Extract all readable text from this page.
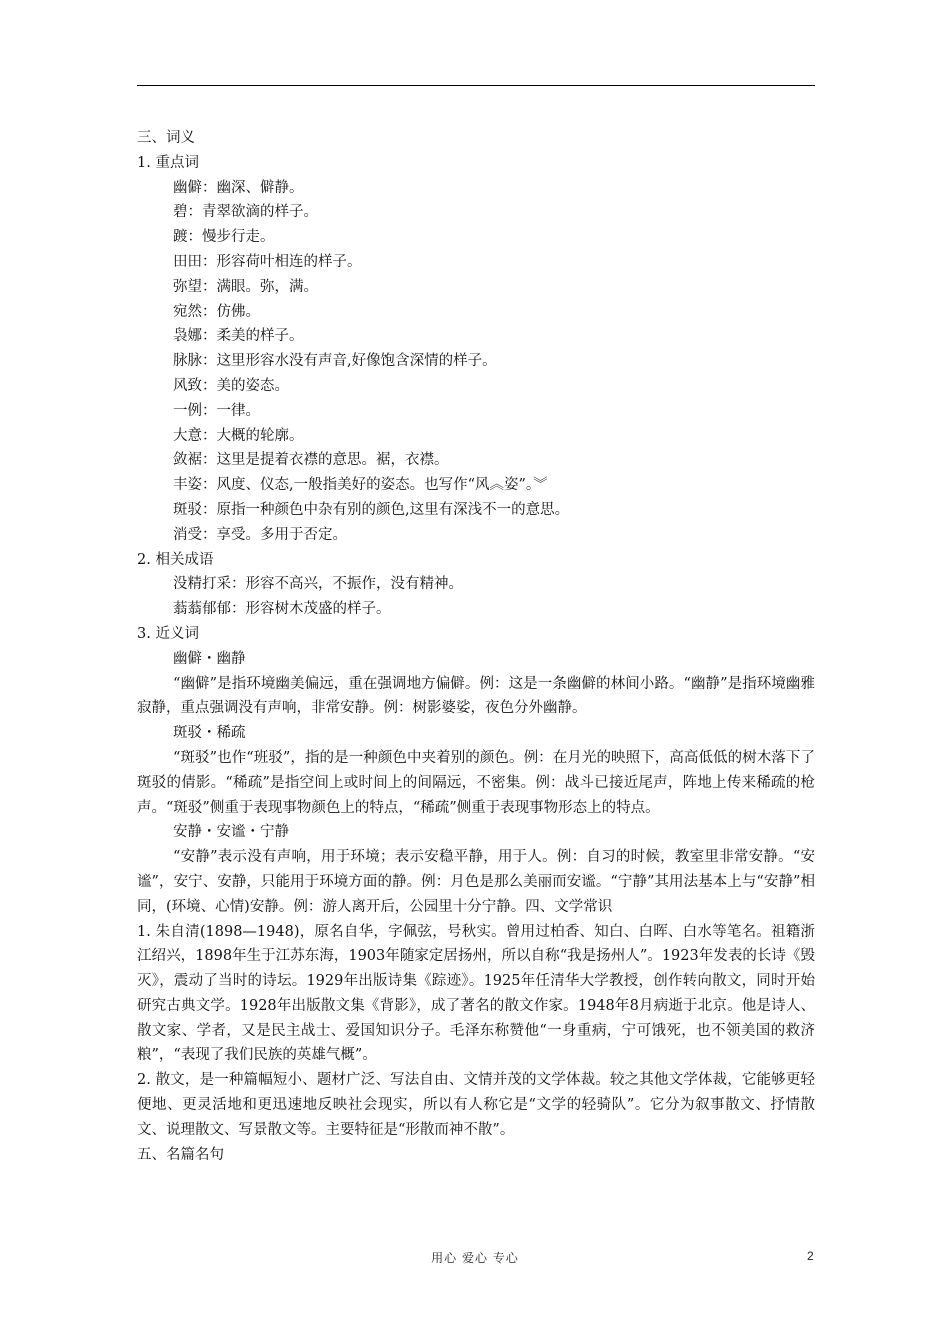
三、词义
1. 重点词
幽僻：幽深、僻静。
碧：青翠欲滴的样子。
踱：慢步行走。
田田：形容荷叶相连的样子。
弥望：满眼。弥，满。
宛然：仿佛。
袅娜：柔美的样子。
脉脉：这里形容水没有声音,好像饱含深情的样子。
风致：美的姿态。
一例：一律。
大意：大概的轮廓。
敛裾：这里是提着衣襟的意思。裾，衣襟。
丰姿：风度、仪态,一般指美好的姿态。也写作“风︽姿”。︾
斑驳：原指一种颜色中杂有别的颜色,这里有深浅不一的意思。
消受：享受。多用于否定。
2. 相关成语
没精打采：形容不高兴，不振作，没有精神。
蓊蓊郁郁：形容树木茂盛的样子。
3. 近义词
幽僻・幽静
“幽僻”是指环境幽美偏远，重在强调地方偏僻。例：这是一条幽僻的林间小路。“幽静”是指环境幽雅寂静，重点强调没有声响，非常安静。例：树影婆娑，夜色分外幽静。
斑驳・稀疏
“斑驳”也作“班驳”，指的是一种颜色中夹着别的颜色。例：在月光的映照下，高高低低的树木落下了斑驳的倩影。“稀疏”是指空间上或时间上的间隔远，不密集。例：战斗已接近尾声，阵地上传来稀疏的枪声。“斑驳”侧重于表现事物颜色上的特点，“稀疏”侧重于表现事物形态上的特点。
安静・安谧・宁静
“安静”表示没有声响，用于环境；表示安稳平静，用于人。例：自习的时候，教室里非常安静。“安谧”，安宁、安静，只能用于环境方面的静。例：月色是那么美丽而安谧。“宁静”其用法基本上与“安静”相同，(环境、心情)安静。例：游人离开后，公园里十分宁静。四、文学常识
1. 朱自清(1898—1948)，原名自华，字佩弦，号秋实。曾用过柏香、知白、白晖、白水等笔名。祖籍浙江绍兴，1898年生于江苏东海，1903年随家定居扬州，所以自称“我是扬州人”。1923年发表的长诗《毁灭》，震动了当时的诗坛。1929年出版诗集《踪迹》。1925年任清华大学教授，创作转向散文，同时开始研究古典文学。1928年出版散文集《背影》，成了著名的散文作家。1948年8月病逝于北京。他是诗人、散文家、学者，又是民主战士、爱国知识分子。毛泽东称赞他“一身重病，宁可饿死，也不领美国的救济粮”，“表现了我们民族的英雄气概”。
2. 散文，是一种篇幅短小、题材广泛、写法自由、文情并茂的文学体裁。较之其他文学体裁，它能够更轻便地、更灵活地和更迅速地反映社会现实，所以有人称它是“文学的轻骑队”。它分为叙事散文、抒情散文、说理散文、写景散文等。主要特征是“形散而神不散”。
五、名篇名句
用心 爱心 专心	2
